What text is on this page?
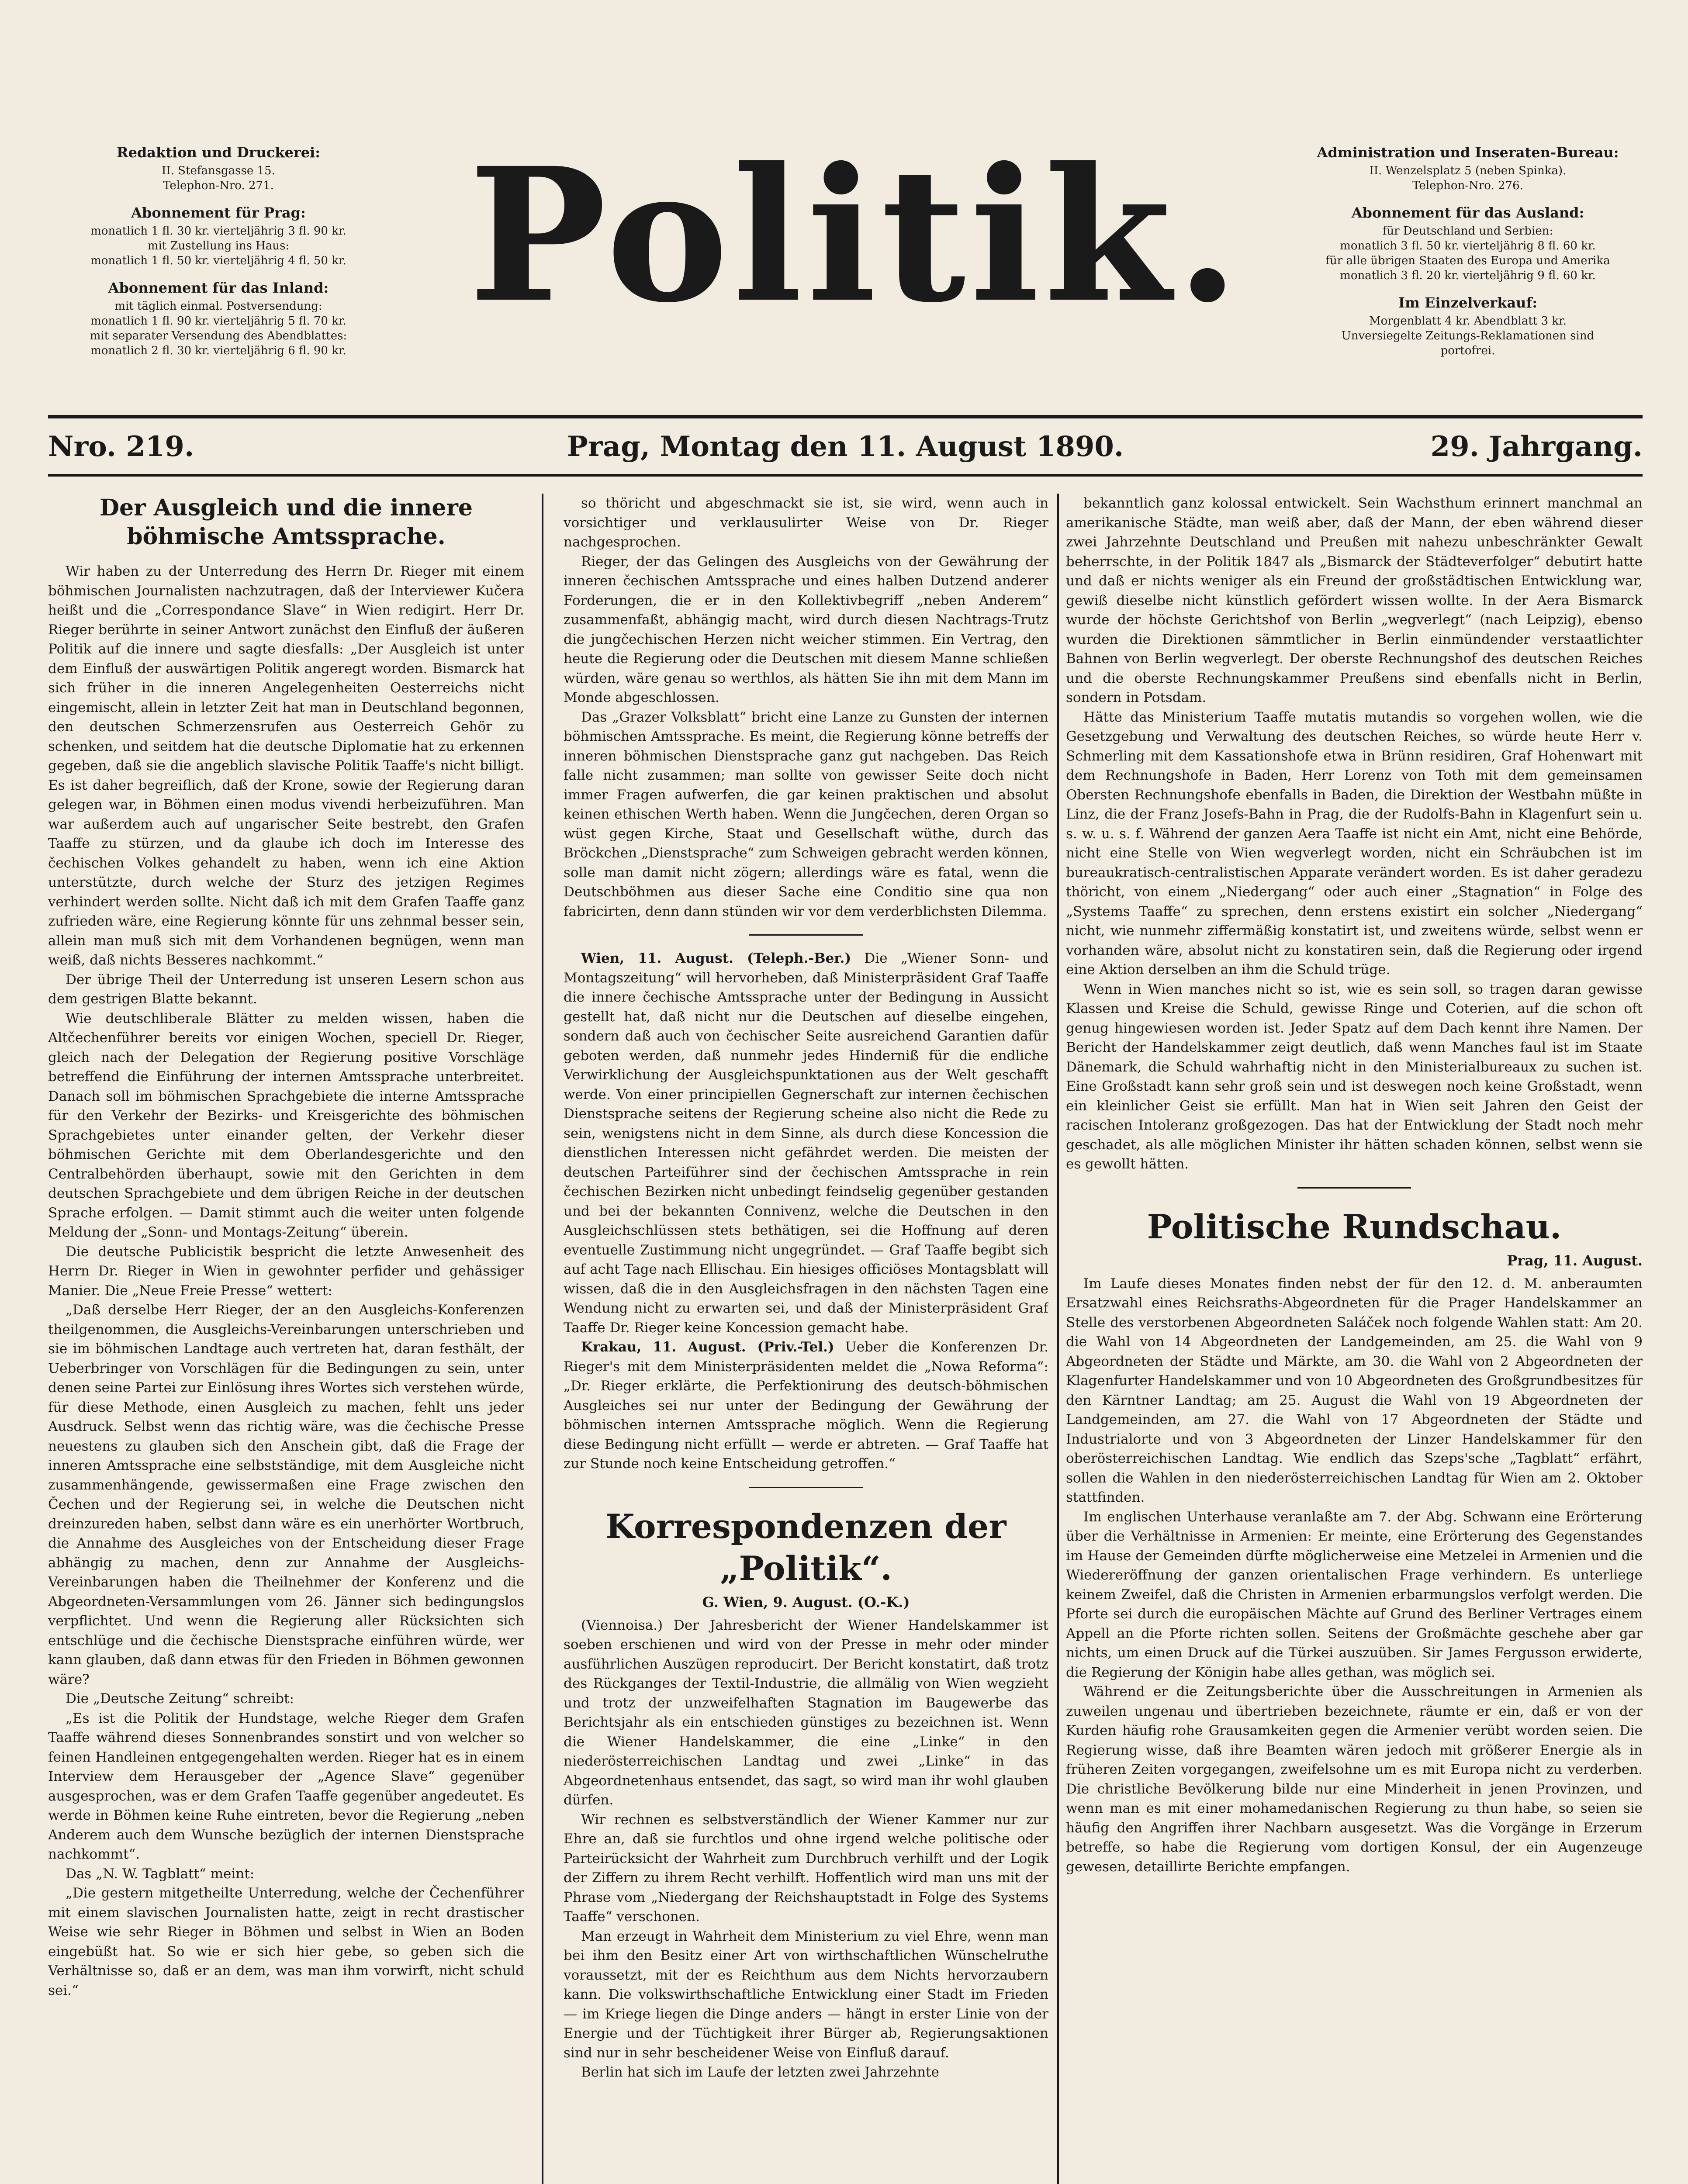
Redaktion und Druckerei:
II. Stefansgasse 15.
Telephon-Nro. 271.
Abonnement für Prag:
monatlich 1 fl. 30 kr. vierteljährig 3 fl. 90 kr.
mit Zustellung ins Haus:
monatlich 1 fl. 50 kr. vierteljährig 4 fl. 50 kr.
Abonnement für das Inland:
mit täglich einmal. Postversendung:
monatlich 1 fl. 90 kr. vierteljährig 5 fl. 70 kr.
mit separater Versendung des Abendblattes:
monatlich 2 fl. 30 kr. vierteljährig 6 fl. 90 kr.
Politik.	Administration und Inseraten-Bureau:
II. Wenzelsplatz 5 (neben Spinka).
Telephon-Nro. 276.
Abonnement für das Ausland:
für Deutschland und Serbien:
monatlich 3 fl. 50 kr. vierteljährig 8 fl. 60 kr.
für alle übrigen Staaten des Europa und Amerika
monatlich 3 fl. 20 kr. vierteljährig 9 fl. 60 kr.
Im Einzelverkauf:
Morgenblatt 4 kr. Abendblatt 3 kr.
Unversiegelte Zeitungs-Reklamationen sind
portofrei.
Nro. 219.	Prag, Montag den 11. August 1890.	29. Jahrgang.
Der Ausgleich und die innere böhmische Amtssprache.

Wir haben zu der Unterredung des Herrn Dr. Rieger mit einem böhmischen Journalisten nachzutragen, daß der Interviewer Kučera heißt und die „Correspondance Slave“ in Wien redigirt. Herr Dr. Rieger berührte in seiner Antwort zunächst den Einfluß der äußeren Politik auf die innere und sagte diesfalls: „Der Ausgleich ist unter dem Einfluß der auswärtigen Politik angeregt worden. Bismarck hat sich früher in die inneren Angelegenheiten Oesterreichs nicht eingemischt, allein in letzter Zeit hat man in Deutschland begonnen, den deutschen Schmerzensrufen aus Oesterreich Gehör zu schenken, und seitdem hat die deutsche Diplomatie hat zu erkennen gegeben, daß sie die angeblich slavische Politik Taaffe's nicht billigt. Es ist daher begreiflich, daß der Krone, sowie der Regierung daran gelegen war, in Böhmen einen modus vivendi herbeizuführen. Man war außerdem auch auf ungarischer Seite bestrebt, den Grafen Taaffe zu stürzen, und da glaube ich doch im Interesse des čechischen Volkes gehandelt zu haben, wenn ich eine Aktion unterstützte, durch welche der Sturz des jetzigen Regimes verhindert werden sollte. Nicht daß ich mit dem Grafen Taaffe ganz zufrieden wäre, eine Regierung könnte für uns zehnmal besser sein, allein man muß sich mit dem Vorhandenen begnügen, wenn man weiß, daß nichts Besseres nachkommt.“

Der übrige Theil der Unterredung ist unseren Lesern schon aus dem gestrigen Blatte bekannt.

Wie deutschliberale Blätter zu melden wissen, haben die Altčechenführer bereits vor einigen Wochen, speciell Dr. Rieger, gleich nach der Delegation der Regierung positive Vorschläge betreffend die Einführung der internen Amtssprache unterbreitet. Danach soll im böhmischen Sprachgebiete die interne Amtssprache für den Verkehr der Bezirks- und Kreisgerichte des böhmischen Sprachgebietes unter einander gelten, der Verkehr dieser böhmischen Gerichte mit dem Oberlandesgerichte und den Centralbehörden überhaupt, sowie mit den Gerichten in dem deutschen Sprachgebiete und dem übrigen Reiche in der deutschen Sprache erfolgen. — Damit stimmt auch die weiter unten folgende Meldung der „Sonn- und Montags-Zeitung“ überein.

Die deutsche Publicistik bespricht die letzte Anwesenheit des Herrn Dr. Rieger in Wien in gewohnter perfider und gehässiger Manier. Die „Neue Freie Presse“ wettert:

„Daß derselbe Herr Rieger, der an den Ausgleichs-Konferenzen theilgenommen, die Ausgleichs-Vereinbarungen unterschrieben und sie im böhmischen Landtage auch vertreten hat, daran festhält, der Ueberbringer von Vorschlägen für die Bedingungen zu sein, unter denen seine Partei zur Einlösung ihres Wortes sich verstehen würde, für diese Methode, einen Ausgleich zu machen, fehlt uns jeder Ausdruck. Selbst wenn das richtig wäre, was die čechische Presse neuestens zu glauben sich den Anschein gibt, daß die Frage der inneren Amtssprache eine selbstständige, mit dem Ausgleiche nicht zusammenhängende, gewissermaßen eine Frage zwischen den Čechen und der Regierung sei, in welche die Deutschen nicht dreinzureden haben, selbst dann wäre es ein unerhörter Wortbruch, die Annahme des Ausgleiches von der Entscheidung dieser Frage abhängig zu machen, denn zur Annahme der Ausgleichs-Vereinbarungen haben die Theilnehmer der Konferenz und die Abgeordneten-Versammlungen vom 26. Jänner sich bedingungslos verpflichtet. Und wenn die Regierung aller Rücksichten sich entschlüge und die čechische Dienstsprache einführen würde, wer kann glauben, daß dann etwas für den Frieden in Böhmen gewonnen wäre?

Die „Deutsche Zeitung“ schreibt:

„Es ist die Politik der Hundstage, welche Rieger dem Grafen Taaffe während dieses Sonnenbrandes sonstirt und von welcher so feinen Handleinen entgegengehalten werden. Rieger hat es in einem Interview dem Herausgeber der „Agence Slave“ gegenüber ausgesprochen, was er dem Grafen Taaffe gegenüber angedeutet. Es werde in Böhmen keine Ruhe eintreten, bevor die Regierung „neben Anderem auch dem Wunsche bezüglich der internen Dienstsprache nachkommt“.

Das „N. W. Tagblatt“ meint:

„Die gestern mitgetheilte Unterredung, welche der Čechenführer mit einem slavischen Journalisten hatte, zeigt in recht drastischer Weise wie sehr Rieger in Böhmen und selbst in Wien an Boden eingebüßt hat. So wie er sich hier gebe, so geben sich die Verhältnisse so, daß er an dem, was man ihm vorwirft, nicht schuld sei.“

so thöricht und abgeschmackt sie ist, sie wird, wenn auch in vorsichtiger und verklausulirter Weise von Dr. Rieger nachgesprochen.

Rieger, der das Gelingen des Ausgleichs von der Gewährung der inneren čechischen Amtssprache und eines halben Dutzend anderer Forderungen, die er in den Kollektivbegriff „neben Anderem“ zusammenfaßt, abhängig macht, wird durch diesen Nachtrags-Trutz die jungčechischen Herzen nicht weicher stimmen. Ein Vertrag, den heute die Regierung oder die Deutschen mit diesem Manne schließen würden, wäre genau so werthlos, als hätten Sie ihn mit dem Mann im Monde abgeschlossen.

Das „Grazer Volksblatt“ bricht eine Lanze zu Gunsten der internen böhmischen Amtssprache. Es meint, die Regierung könne betreffs der inneren böhmischen Dienstsprache ganz gut nachgeben. Das Reich falle nicht zusammen; man sollte von gewisser Seite doch nicht immer Fragen aufwerfen, die gar keinen praktischen und absolut keinen ethischen Werth haben. Wenn die Jungčechen, deren Organ so wüst gegen Kirche, Staat und Gesellschaft wüthe, durch das Bröckchen „Dienstsprache“ zum Schweigen gebracht werden können, solle man damit nicht zögern; allerdings wäre es fatal, wenn die Deutschböhmen aus dieser Sache eine Conditio sine qua non fabricirten, denn dann stünden wir vor dem verderblichsten Dilemma.

Wien, 11. August. (Teleph.-Ber.) Die „Wiener Sonn- und Montagszeitung“ will hervorheben, daß Ministerpräsident Graf Taaffe die innere čechische Amtssprache unter der Bedingung in Aussicht gestellt hat, daß nicht nur die Deutschen auf dieselbe eingehen, sondern daß auch von čechischer Seite ausreichend Garantien dafür geboten werden, daß nunmehr jedes Hinderniß für die endliche Verwirklichung der Ausgleichspunktationen aus der Welt geschafft werde. Von einer principiellen Gegnerschaft zur internen čechischen Dienstsprache seitens der Regierung scheine also nicht die Rede zu sein, wenigstens nicht in dem Sinne, als durch diese Koncession die dienstlichen Interessen nicht gefährdet werden. Die meisten der deutschen Parteiführer sind der čechischen Amtssprache in rein čechischen Bezirken nicht unbedingt feindselig gegenüber gestanden und bei der bekannten Connivenz, welche die Deutschen in den Ausgleichschlüssen stets bethätigen, sei die Hoffnung auf deren eventuelle Zustimmung nicht ungegründet. — Graf Taaffe begibt sich auf acht Tage nach Ellischau. Ein hiesiges officiöses Montagsblatt will wissen, daß die in den Ausgleichsfragen in den nächsten Tagen eine Wendung nicht zu erwarten sei, und daß der Ministerpräsident Graf Taaffe Dr. Rieger keine Koncession gemacht habe.

Krakau, 11. August. (Priv.-Tel.) Ueber die Konferenzen Dr. Rieger's mit dem Ministerpräsidenten meldet die „Nowa Reforma“: „Dr. Rieger erklärte, die Perfektionirung des deutsch-böhmischen Ausgleiches sei nur unter der Bedingung der Gewährung der böhmischen internen Amtssprache möglich. Wenn die Regierung diese Bedingung nicht erfüllt — werde er abtreten. — Graf Taaffe hat zur Stunde noch keine Entscheidung getroffen.“

Korrespondenzen der „Politik“.
G. Wien, 9. August. (O.-K.)

(Viennoisa.) Der Jahresbericht der Wiener Handelskammer ist soeben erschienen und wird von der Presse in mehr oder minder ausführlichen Auszügen reproducirt. Der Bericht konstatirt, daß trotz des Rückganges der Textil-Industrie, die allmälig von Wien wegzieht und trotz der unzweifelhaften Stagnation im Baugewerbe das Berichtsjahr als ein entschieden günstiges zu bezeichnen ist. Wenn die Wiener Handelskammer, die eine „Linke“ in den niederösterreichischen Landtag und zwei „Linke“ in das Abgeordnetenhaus entsendet, das sagt, so wird man ihr wohl glauben dürfen.

Wir rechnen es selbstverständlich der Wiener Kammer nur zur Ehre an, daß sie furchtlos und ohne irgend welche politische oder Parteirücksicht der Wahrheit zum Durchbruch verhilft und der Logik der Ziffern zu ihrem Recht verhilft. Hoffentlich wird man uns mit der Phrase vom „Niedergang der Reichshauptstadt in Folge des Systems Taaffe“ verschonen.

Man erzeugt in Wahrheit dem Ministerium zu viel Ehre, wenn man bei ihm den Besitz einer Art von wirthschaftlichen Wünschelruthe voraussetzt, mit der es Reichthum aus dem Nichts hervorzaubern kann. Die volkswirthschaftliche Entwicklung einer Stadt im Frieden — im Kriege liegen die Dinge anders — hängt in erster Linie von der Energie und der Tüchtigkeit ihrer Bürger ab, Regierungsaktionen sind nur in sehr bescheidener Weise von Einfluß darauf.

Berlin hat sich im Laufe der letzten zwei Jahrzehnte

bekanntlich ganz kolossal entwickelt. Sein Wachsthum erinnert manchmal an amerikanische Städte, man weiß aber, daß der Mann, der eben während dieser zwei Jahrzehnte Deutschland und Preußen mit nahezu unbeschränkter Gewalt beherrschte, in der Politik 1847 als „Bismarck der Städteverfolger“ debutirt hatte und daß er nichts weniger als ein Freund der großstädtischen Entwicklung war, gewiß dieselbe nicht künstlich gefördert wissen wollte. In der Aera Bismarck wurde der höchste Gerichtshof von Berlin „wegverlegt“ (nach Leipzig), ebenso wurden die Direktionen sämmtlicher in Berlin einmündender verstaatlichter Bahnen von Berlin wegverlegt. Der oberste Rechnungshof des deutschen Reiches und die oberste Rechnungskammer Preußens sind ebenfalls nicht in Berlin, sondern in Potsdam.

Hätte das Ministerium Taaffe mutatis mutandis so vorgehen wollen, wie die Gesetzgebung und Verwaltung des deutschen Reiches, so würde heute Herr v. Schmerling mit dem Kassationshofe etwa in Brünn residiren, Graf Hohenwart mit dem Rechnungshofe in Baden, Herr Lorenz von Toth mit dem gemeinsamen Obersten Rechnungshofe ebenfalls in Baden, die Direktion der Westbahn müßte in Linz, die der Franz Josefs-Bahn in Prag, die der Rudolfs-Bahn in Klagenfurt sein u. s. w. u. s. f. Während der ganzen Aera Taaffe ist nicht ein Amt, nicht eine Behörde, nicht eine Stelle von Wien wegverlegt worden, nicht ein Schräubchen ist im bureaukratisch-centralistischen Apparate verändert worden. Es ist daher geradezu thöricht, von einem „Niedergang“ oder auch einer „Stagnation“ in Folge des „Systems Taaffe“ zu sprechen, denn erstens existirt ein solcher „Niedergang“ nicht, wie nunmehr ziffermäßig konstatirt ist, und zweitens würde, selbst wenn er vorhanden wäre, absolut nicht zu konstatiren sein, daß die Regierung oder irgend eine Aktion derselben an ihm die Schuld trüge.

Wenn in Wien manches nicht so ist, wie es sein soll, so tragen daran gewisse Klassen und Kreise die Schuld, gewisse Ringe und Coterien, auf die schon oft genug hingewiesen worden ist. Jeder Spatz auf dem Dach kennt ihre Namen. Der Bericht der Handelskammer zeigt deutlich, daß wenn Manches faul ist im Staate Dänemark, die Schuld wahrhaftig nicht in den Ministerialbureaux zu suchen ist. Eine Großstadt kann sehr groß sein und ist deswegen noch keine Großstadt, wenn ein kleinlicher Geist sie erfüllt. Man hat in Wien seit Jahren den Geist der racischen Intoleranz großgezogen. Das hat der Entwicklung der Stadt noch mehr geschadet, als alle möglichen Minister ihr hätten schaden können, selbst wenn sie es gewollt hätten.

Politische Rundschau.
Prag, 11. August.

Im Laufe dieses Monates finden nebst der für den 12. d. M. anberaumten Ersatzwahl eines Reichsraths-Abgeordneten für die Prager Handelskammer an Stelle des verstorbenen Abgeordneten Saláček noch folgende Wahlen statt: Am 20. die Wahl von 14 Abgeordneten der Landgemeinden, am 25. die Wahl von 9 Abgeordneten der Städte und Märkte, am 30. die Wahl von 2 Abgeordneten der Klagenfurter Handelskammer und von 10 Abgeordneten des Großgrundbesitzes für den Kärntner Landtag; am 25. August die Wahl von 19 Abgeordneten der Landgemeinden, am 27. die Wahl von 17 Abgeordneten der Städte und Industrialorte und von 3 Abgeordneten der Linzer Handelskammer für den oberösterreichischen Landtag. Wie endlich das Szeps'sche „Tagblatt“ erfährt, sollen die Wahlen in den niederösterreichischen Landtag für Wien am 2. Oktober stattfinden.

Im englischen Unterhause veranlaßte am 7. der Abg. Schwann eine Erörterung über die Verhältnisse in Armenien: Er meinte, eine Erörterung des Gegenstandes im Hause der Gemeinden dürfte möglicherweise eine Metzelei in Armenien und die Wiedereröffnung der ganzen orientalischen Frage verhindern. Es unterliege keinem Zweifel, daß die Christen in Armenien erbarmungslos verfolgt werden. Die Pforte sei durch die europäischen Mächte auf Grund des Berliner Vertrages einem Appell an die Pforte richten sollen. Seitens der Großmächte geschehe aber gar nichts, um einen Druck auf die Türkei auszuüben. Sir James Fergusson erwiderte, die Regierung der Königin habe alles gethan, was möglich sei.

Während er die Zeitungsberichte über die Ausschreitungen in Armenien als zuweilen ungenau und übertrieben bezeichnete, räumte er ein, daß er von der Kurden häufig rohe Grausamkeiten gegen die Armenier verübt worden seien. Die Regierung wisse, daß ihre Beamten wären jedoch mit größerer Energie als in früheren Zeiten vorgegangen, zweifelsohne um es mit Europa nicht zu verderben. Die christliche Bevölkerung bilde nur eine Minderheit in jenen Provinzen, und wenn man es mit einer mohamedanischen Regierung zu thun habe, so seien sie häufig den Angriffen ihrer Nachbarn ausgesetzt. Was die Vorgänge in Erzerum betreffe, so habe die Regierung vom dortigen Konsul, der ein Augenzeuge gewesen, detaillirte Berichte empfangen.
